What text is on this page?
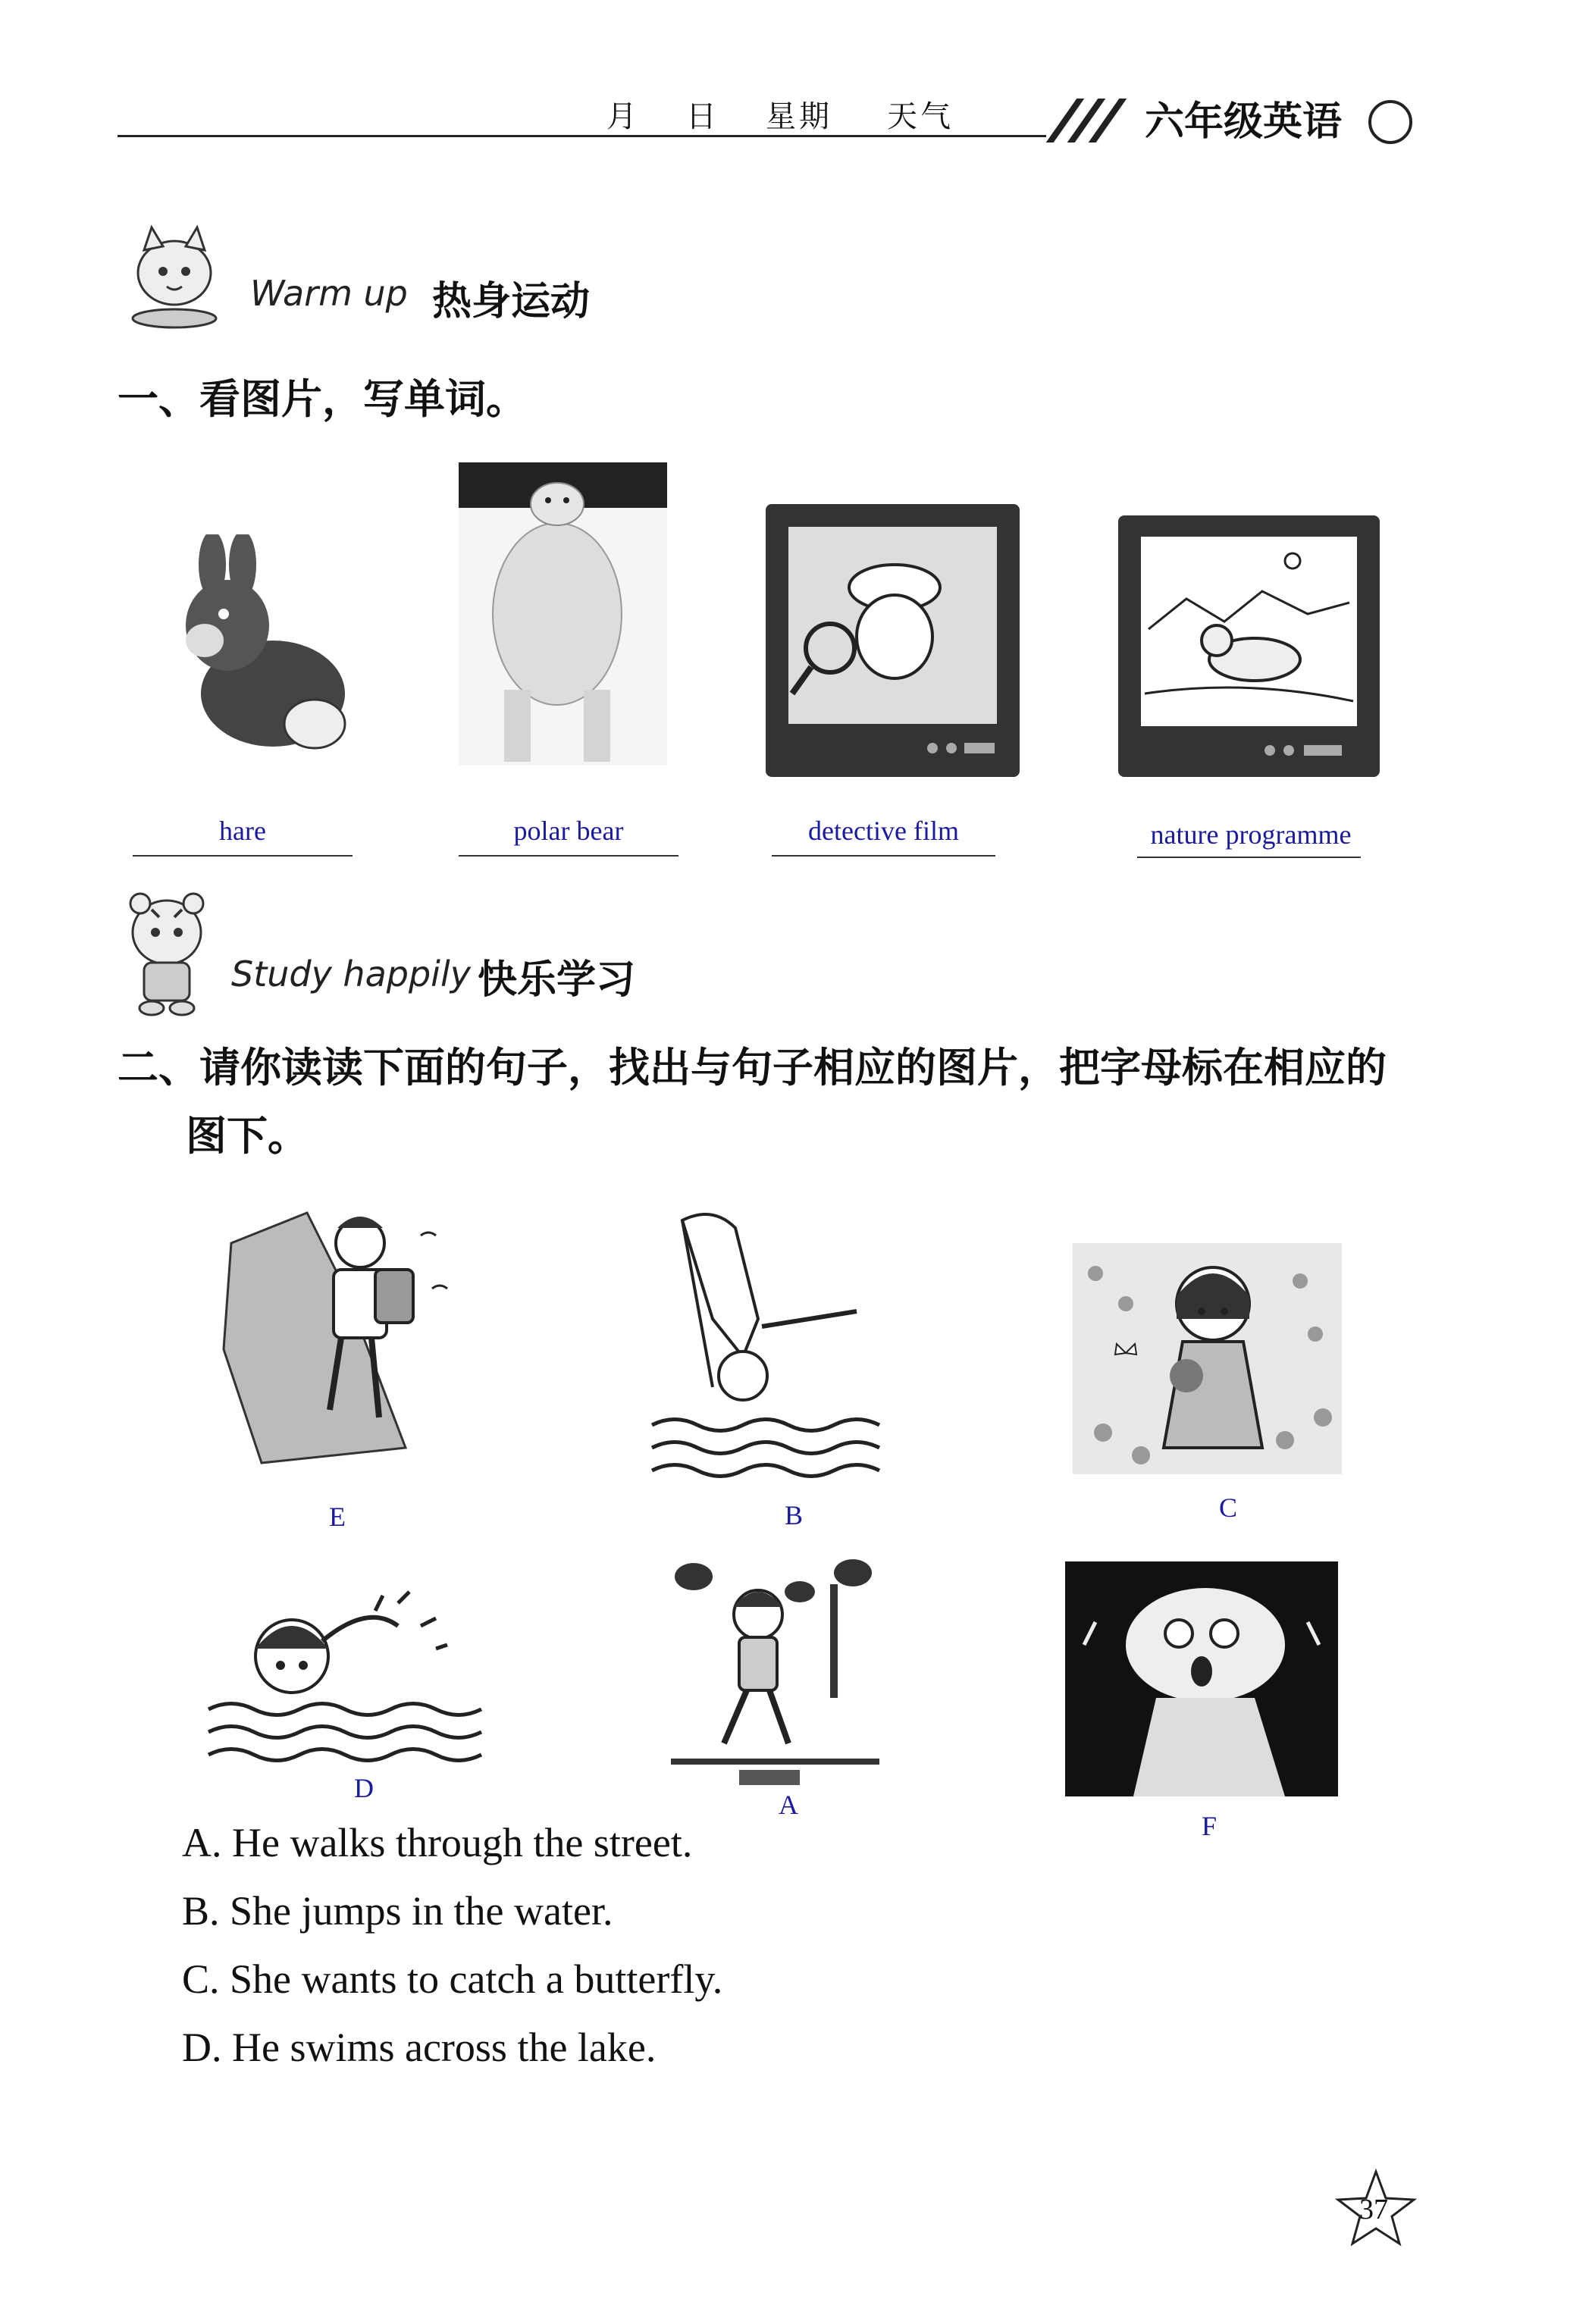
月 日 星期 天气	六年级英语
Warm up 热身运动
一、看图片，写单词。
hare	polar bear	detective film	nature programme
Study happily 快乐学习
二、请你读读下面的句子，找出与句子相应的图片，把字母标在相应的
图下。
E	B	C
D
A
F
A. He walks through the street.
B. She jumps in the water.
C. She wants to catch a butterfly.
D. He swims across the lake.
37
